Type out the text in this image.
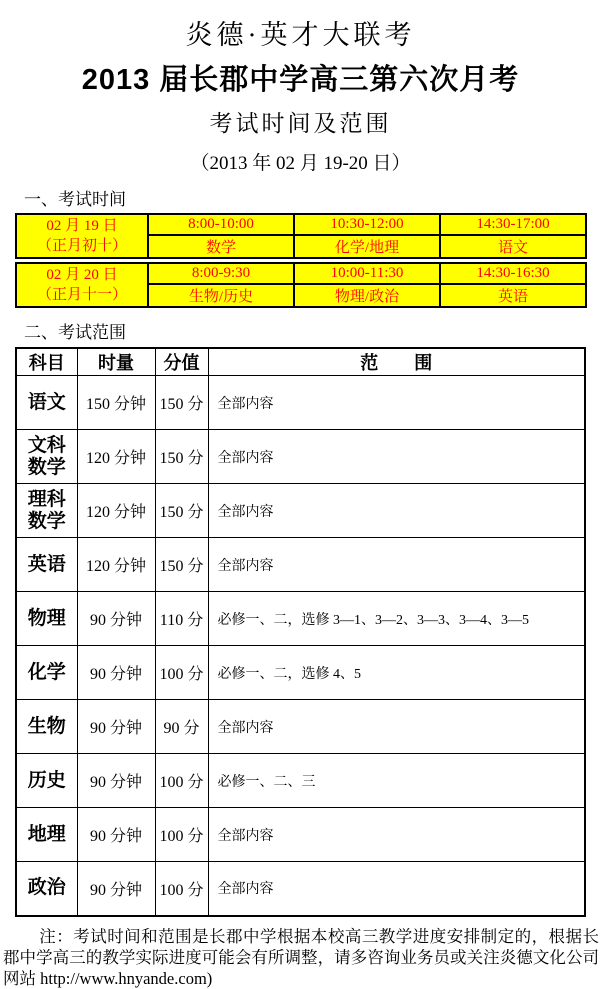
炎德·英才大联考
2013 届长郡中学高三第六次月考
考试时间及范围
（2013 年 02 月 19-20 日）
一、考试时间
02 月 19 日
（正月初十）	8:00-10:00	10:30-12:00	14:30-17:00
	数学	化学/地理	语文
02 月 20 日
（正月十一）	8:00-9:30	10:00-11:30	14:30-16:30
	生物/历史	物理/政治	英语
二、考试范围
科目	时量	分值	范　　围
语文	150 分钟	150 分	全部内容
文科数学	120 分钟	150 分	全部内容
理科数学	120 分钟	150 分	全部内容
英语	120 分钟	150 分	全部内容
物理	90 分钟	110 分	必修一、二，选修 3—1、3—2、3—3、3—4、3—5
化学	90 分钟	100 分	必修一、二，选修 4、5
生物	90 分钟	90 分	全部内容
历史	90 分钟	100 分	必修一、二、三
地理	90 分钟	100 分	全部内容
政治	90 分钟	100 分	全部内容
注：考试时间和范围是长郡中学根据本校高三教学进度安排制定的，根据长郡中学高三的教学实际进度可能会有所调整，请多咨询业务员或关注炎德文化公司网站 http://www.hnyande.com)
